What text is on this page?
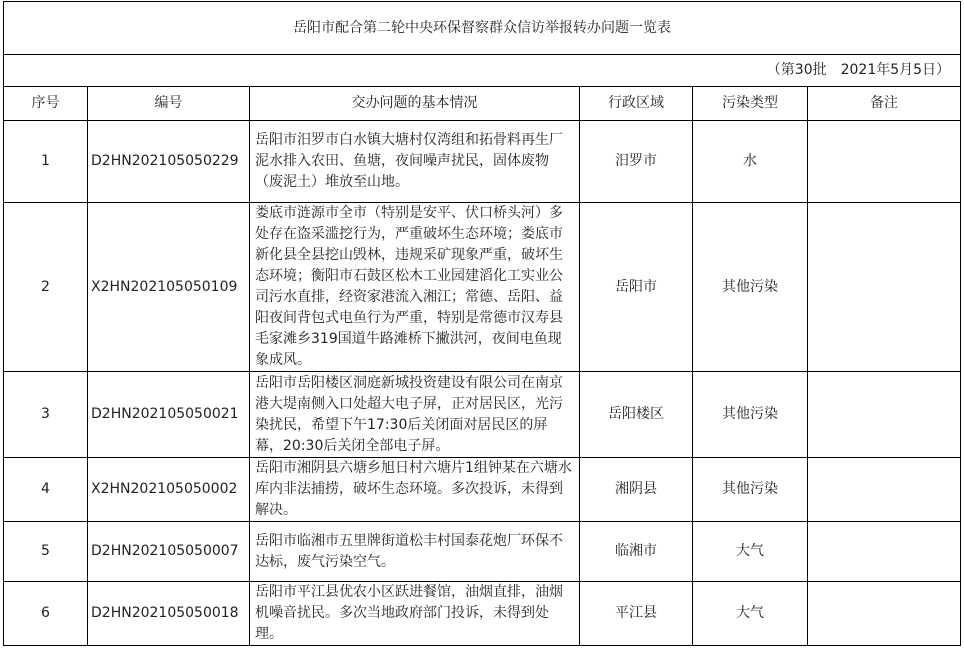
岳阳市配合第二轮中央环保督察群众信访举报转办问题一览表					
（第30批　2021年5月5日）					
序号	编号	交办问题的基本情况	行政区域	污染类型	备注
1	D2HN202105050229	岳阳市汨罗市白水镇大塘村仅湾组和拓骨料再生厂泥水排入农田、鱼塘，夜间噪声扰民，固体废物（废泥土）堆放至山地。	汨罗市	水	
2	X2HN202105050109	娄底市涟源市全市（特别是安平、伏口桥头河）多处存在盗采滥挖行为，严重破坏生态环境；娄底市新化县全县挖山毁林，违规采矿现象严重，破坏生态环境；衡阳市石鼓区松木工业园建滔化工实业公司污水直排，经资家港流入湘江；常德、岳阳、益阳夜间背包式电鱼行为严重，特别是常德市汉寿县毛家滩乡319国道牛路滩桥下撇洪河，夜间电鱼现象成风。	岳阳市	其他污染	
3	D2HN202105050021	岳阳市岳阳楼区洞庭新城投资建设有限公司在南京港大堤南侧入口处超大电子屏，正对居民区，光污染扰民，希望下午17:30后关闭面对居民区的屏幕，20:30后关闭全部电子屏。	岳阳楼区	其他污染	
4	X2HN202105050002	岳阳市湘阴县六塘乡旭日村六塘片1组钟某在六塘水库内非法捕捞，破坏生态环境。多次投诉，未得到解决。	湘阴县	其他污染	
5	D2HN202105050007	岳阳市临湘市五里牌街道松丰村国泰花炮厂环保不达标，废气污染空气。	临湘市	大气	
6	D2HN202105050018	岳阳市平江县优农小区跃进餐馆，油烟直排，油烟机噪音扰民。多次当地政府部门投诉，未得到处理。	平江县	大气	
